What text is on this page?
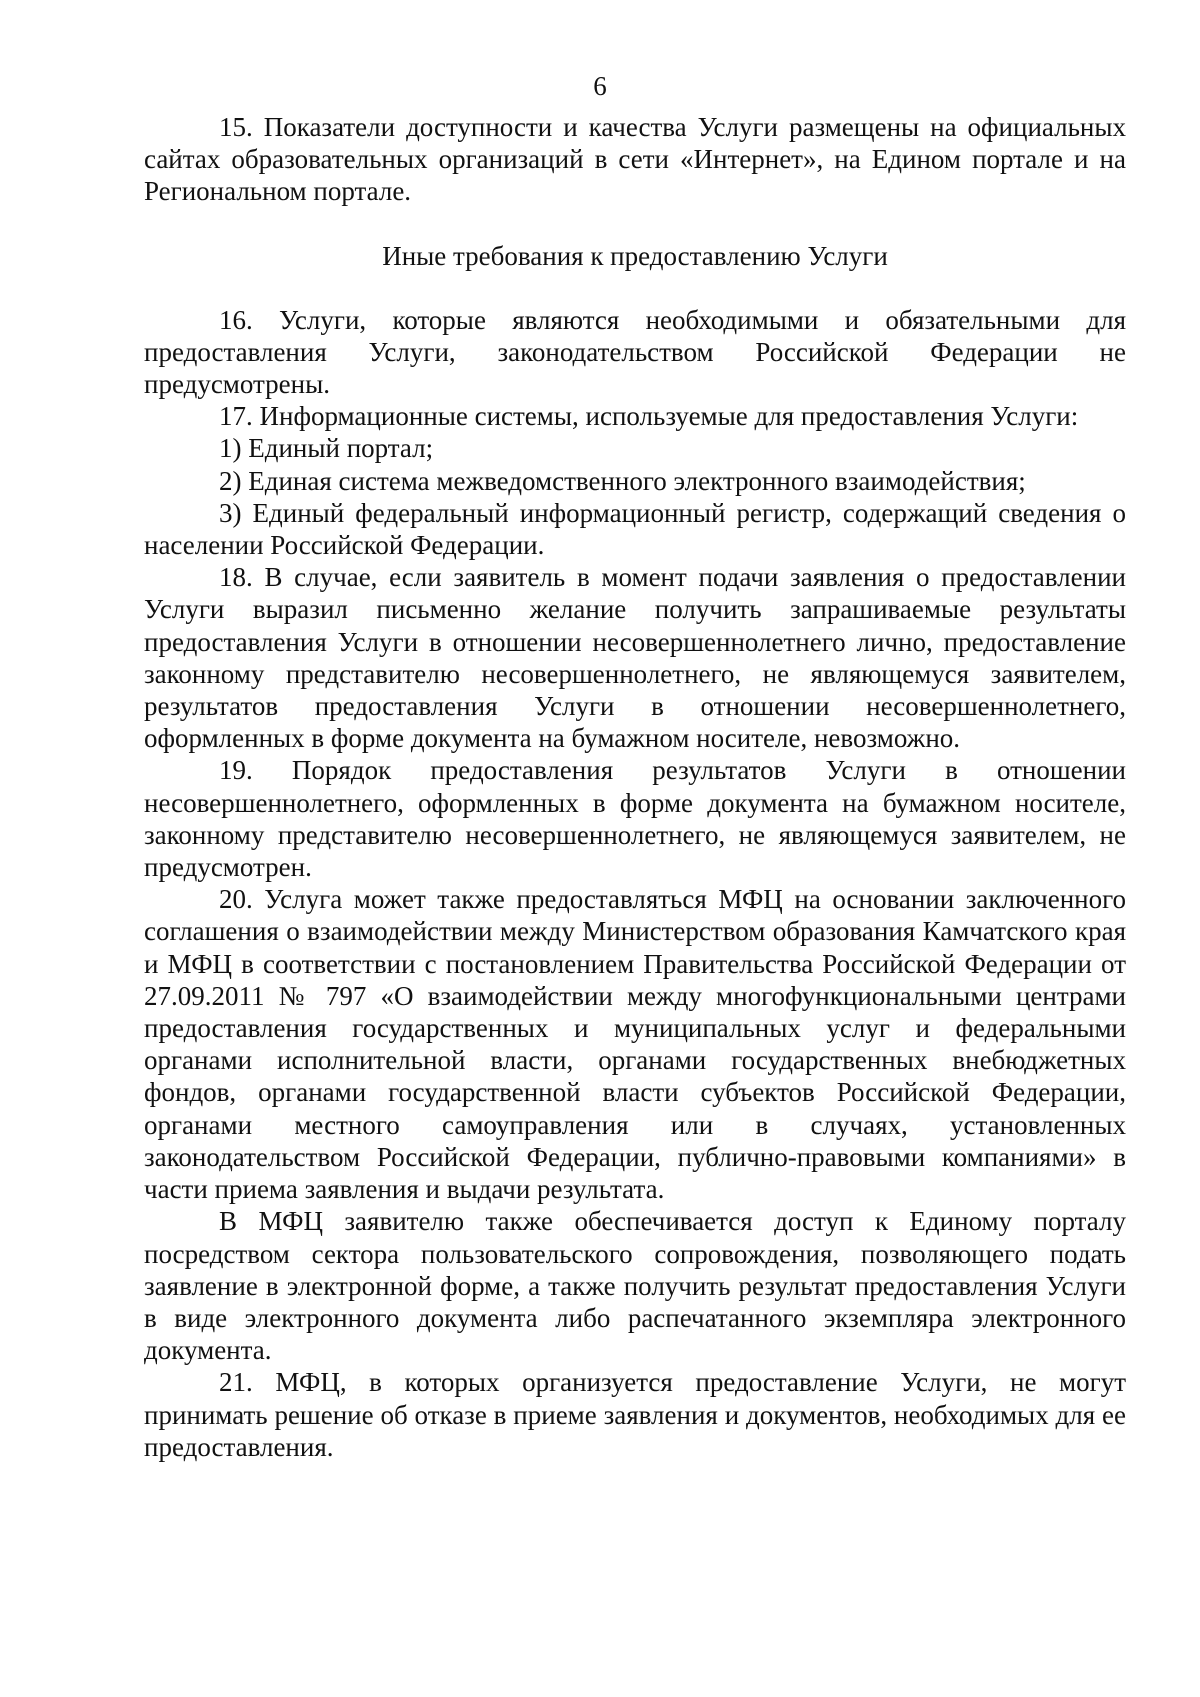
6

15. Показатели доступности и качества Услуги размещены на официальных сайтах образовательных организаций в сети «Интернет», на Едином портале и на Региональном портале.

Иные требования к предоставлению Услуги

16. Услуги, которые являются необходимыми и обязательными для предоставления Услуги, законодательством Российской Федерации не предусмотрены.

17. Информационные системы, используемые для предоставления Услуги:

1) Единый портал;

2) Единая система межведомственного электронного взаимодействия;

3) Единый федеральный информационный регистр, содержащий сведения о населении Российской Федерации.

18. В случае, если заявитель в момент подачи заявления о предоставлении Услуги выразил письменно желание получить запрашиваемые результаты предоставления Услуги в отношении несовершеннолетнего лично, предоставление законному представителю несовершеннолетнего, не являющемуся заявителем, результатов предоставления Услуги в отношении несовершеннолетнего, оформленных в форме документа на бумажном носителе, невозможно.

19. Порядок предоставления результатов Услуги в отношении несовершеннолетнего, оформленных в форме документа на бумажном носителе, законному представителю несовершеннолетнего, не являющемуся заявителем, не предусмотрен.

20. Услуга может также предоставляться МФЦ на основании заключенного соглашения о взаимодействии между Министерством образования Камчатского края и МФЦ в соответствии с постановлением Правительства Российской Федерации от 27.09.2011 № 797 «О взаимодействии между многофункциональными центрами предоставления государственных и муниципальных услуг и федеральными органами исполнительной власти, органами государственных внебюджетных фондов, органами государственной власти субъектов Российской Федерации, органами местного самоуправления или в случаях, установленных законодательством Российской Федерации, публично-правовыми компаниями» в части приема заявления и выдачи результата.

В МФЦ заявителю также обеспечивается доступ к Единому порталу посредством сектора пользовательского сопровождения, позволяющего подать заявление в электронной форме, а также получить результат предоставления Услуги в виде электронного документа либо распечатанного экземпляра электронного документа.

21. МФЦ, в которых организуется предоставление Услуги, не могут принимать решение об отказе в приеме заявления и документов, необходимых для ее предоставления.
